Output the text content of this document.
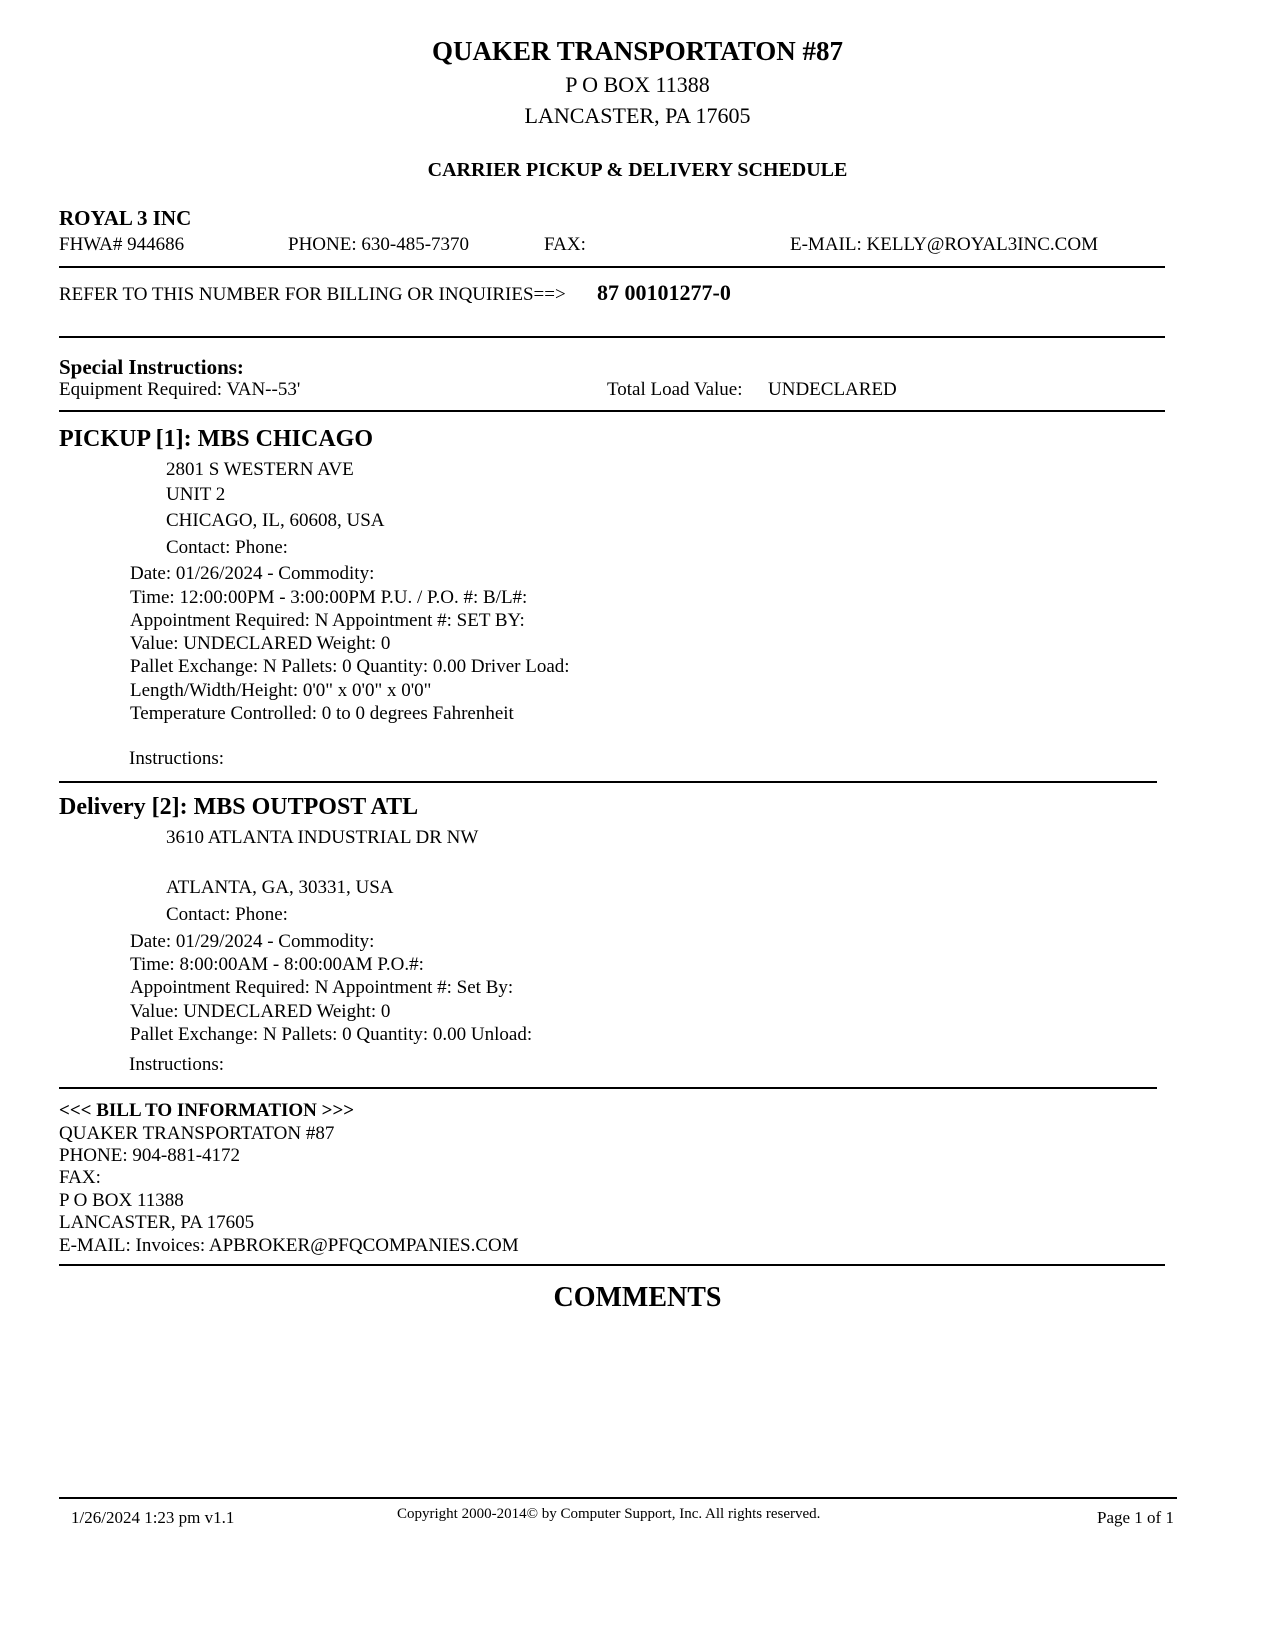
QUAKER TRANSPORTATON #87
P O BOX 11388
LANCASTER, PA 17605
CARRIER PICKUP & DELIVERY SCHEDULE
ROYAL 3 INC
FHWA# 944686	PHONE: 630-485-7370	FAX:	E-MAIL: KELLY@ROYAL3INC.COM
REFER TO THIS NUMBER FOR BILLING OR INQUIRIES==> 87 00101277-0
Special Instructions:
Equipment Required: VAN--53'	Total Load Value: UNDECLARED
PICKUP [1]: MBS CHICAGO
2801 S WESTERN AVE
UNIT 2
CHICAGO, IL, 60608, USA
Contact: Phone:
Date: 01/26/2024 - Commodity:
Time: 12:00:00PM - 3:00:00PM P.U. / P.O. #: B/L#:
Appointment Required: N Appointment #: SET BY:
Value: UNDECLARED Weight: 0
Pallet Exchange: N Pallets: 0 Quantity: 0.00 Driver Load:
Length/Width/Height: 0'0" x 0'0" x 0'0"
Temperature Controlled: 0 to 0 degrees Fahrenheit
Instructions:
Delivery [2]: MBS OUTPOST ATL
3610 ATLANTA INDUSTRIAL DR NW
ATLANTA, GA, 30331, USA
Contact: Phone:
Date: 01/29/2024 - Commodity:
Time: 8:00:00AM - 8:00:00AM P.O.#:
Appointment Required: N Appointment #: Set By:
Value: UNDECLARED Weight: 0
Pallet Exchange: N Pallets: 0 Quantity: 0.00 Unload:
Instructions:
<<< BILL TO INFORMATION >>>
QUAKER TRANSPORTATON #87
PHONE: 904-881-4172
FAX:
P O BOX 11388
LANCASTER, PA 17605
E-MAIL: Invoices: APBROKER@PFQCOMPANIES.COM
COMMENTS
1/26/2024 1:23 pm v1.1	Copyright 2000-2014© by Computer Support, Inc. All rights reserved.	Page 1 of 1
